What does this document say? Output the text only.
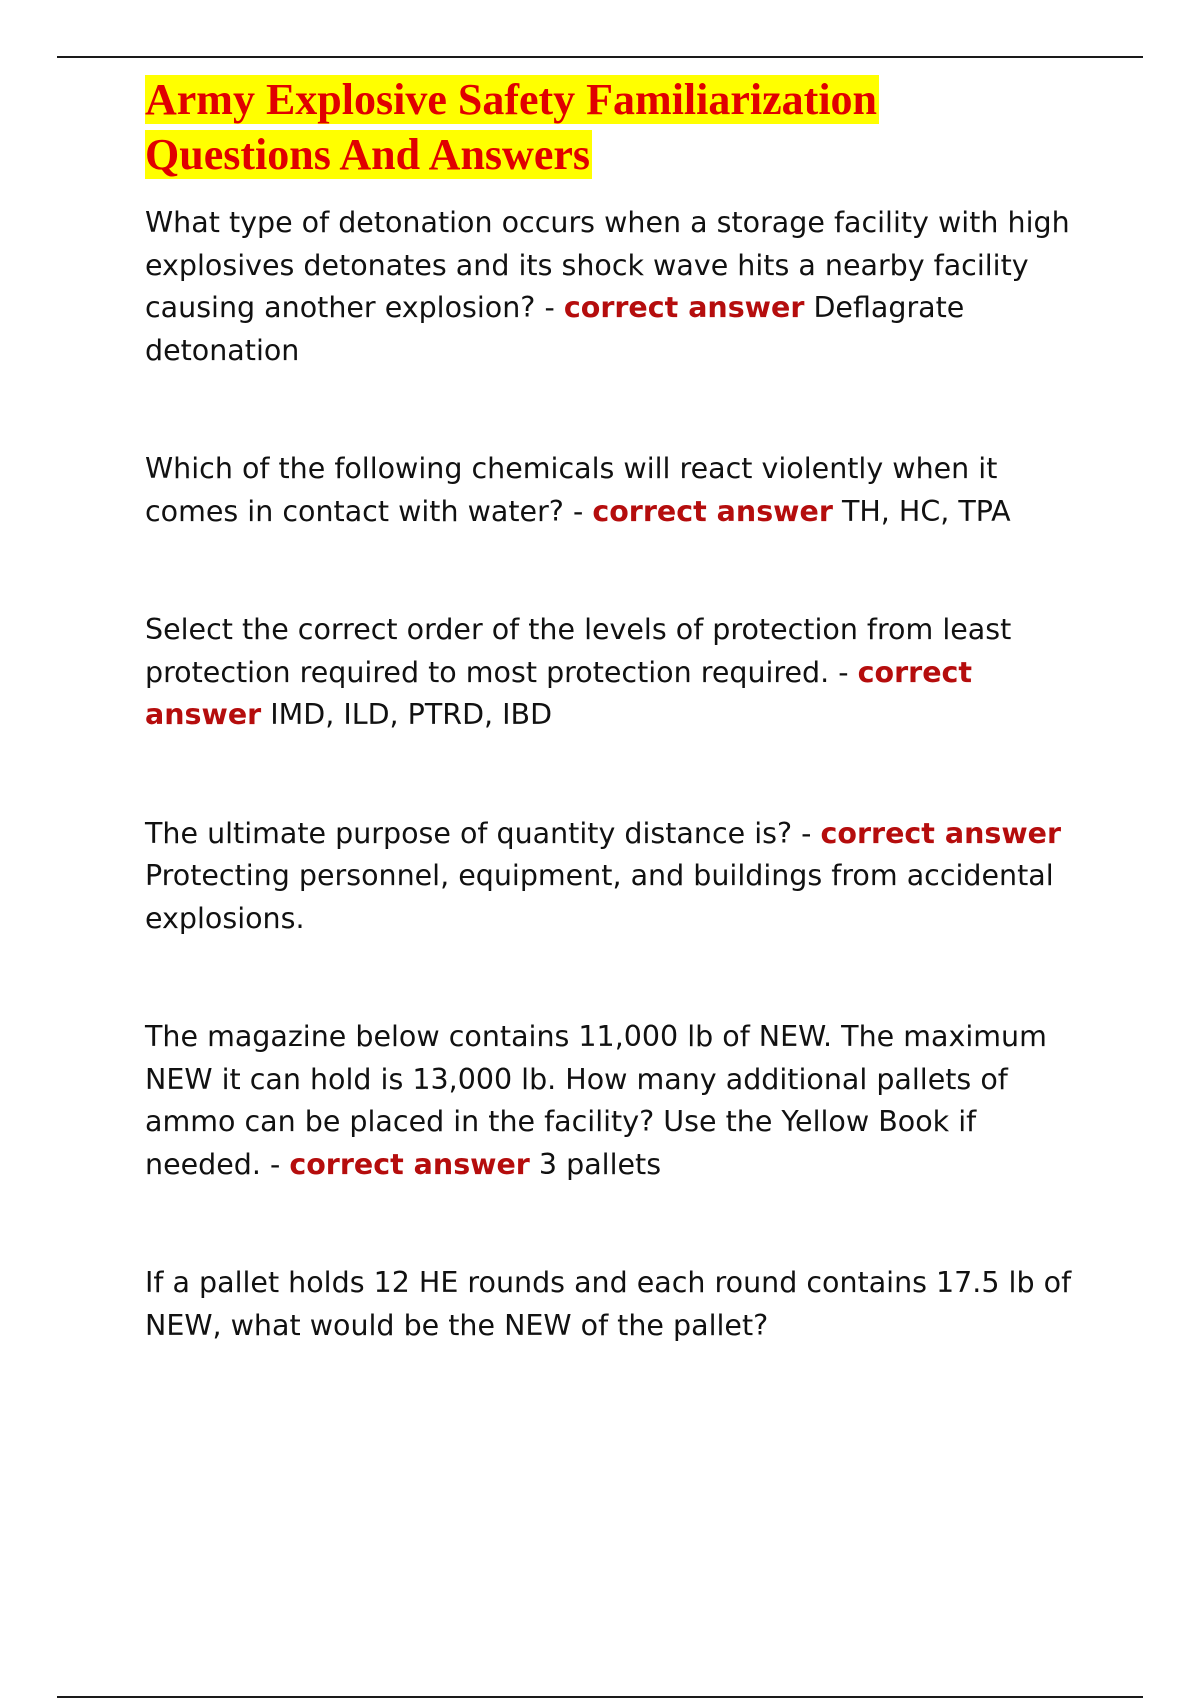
Army Explosive Safety Familiarization
Questions And Answers

What type of detonation occurs when a storage facility with high explosives detonates and its shock wave hits a nearby facility causing another explosion? - correct answer Deflagrate detonation

Which of the following chemicals will react violently when it comes in contact with water? - correct answer TH, HC, TPA

Select the correct order of the levels of protection from least protection required to most protection required. - correct answer IMD, ILD, PTRD, IBD

The ultimate purpose of quantity distance is? - correct answer Protecting personnel, equipment, and buildings from accidental explosions.

The magazine below contains 11,000 lb of NEW. The maximum NEW it can hold is 13,000 lb. How many additional pallets of ammo can be placed in the facility? Use the Yellow Book if needed. - correct answer 3 pallets

If a pallet holds 12 HE rounds and each round contains 17.5 lb of NEW, what would be the NEW of the pallet?
